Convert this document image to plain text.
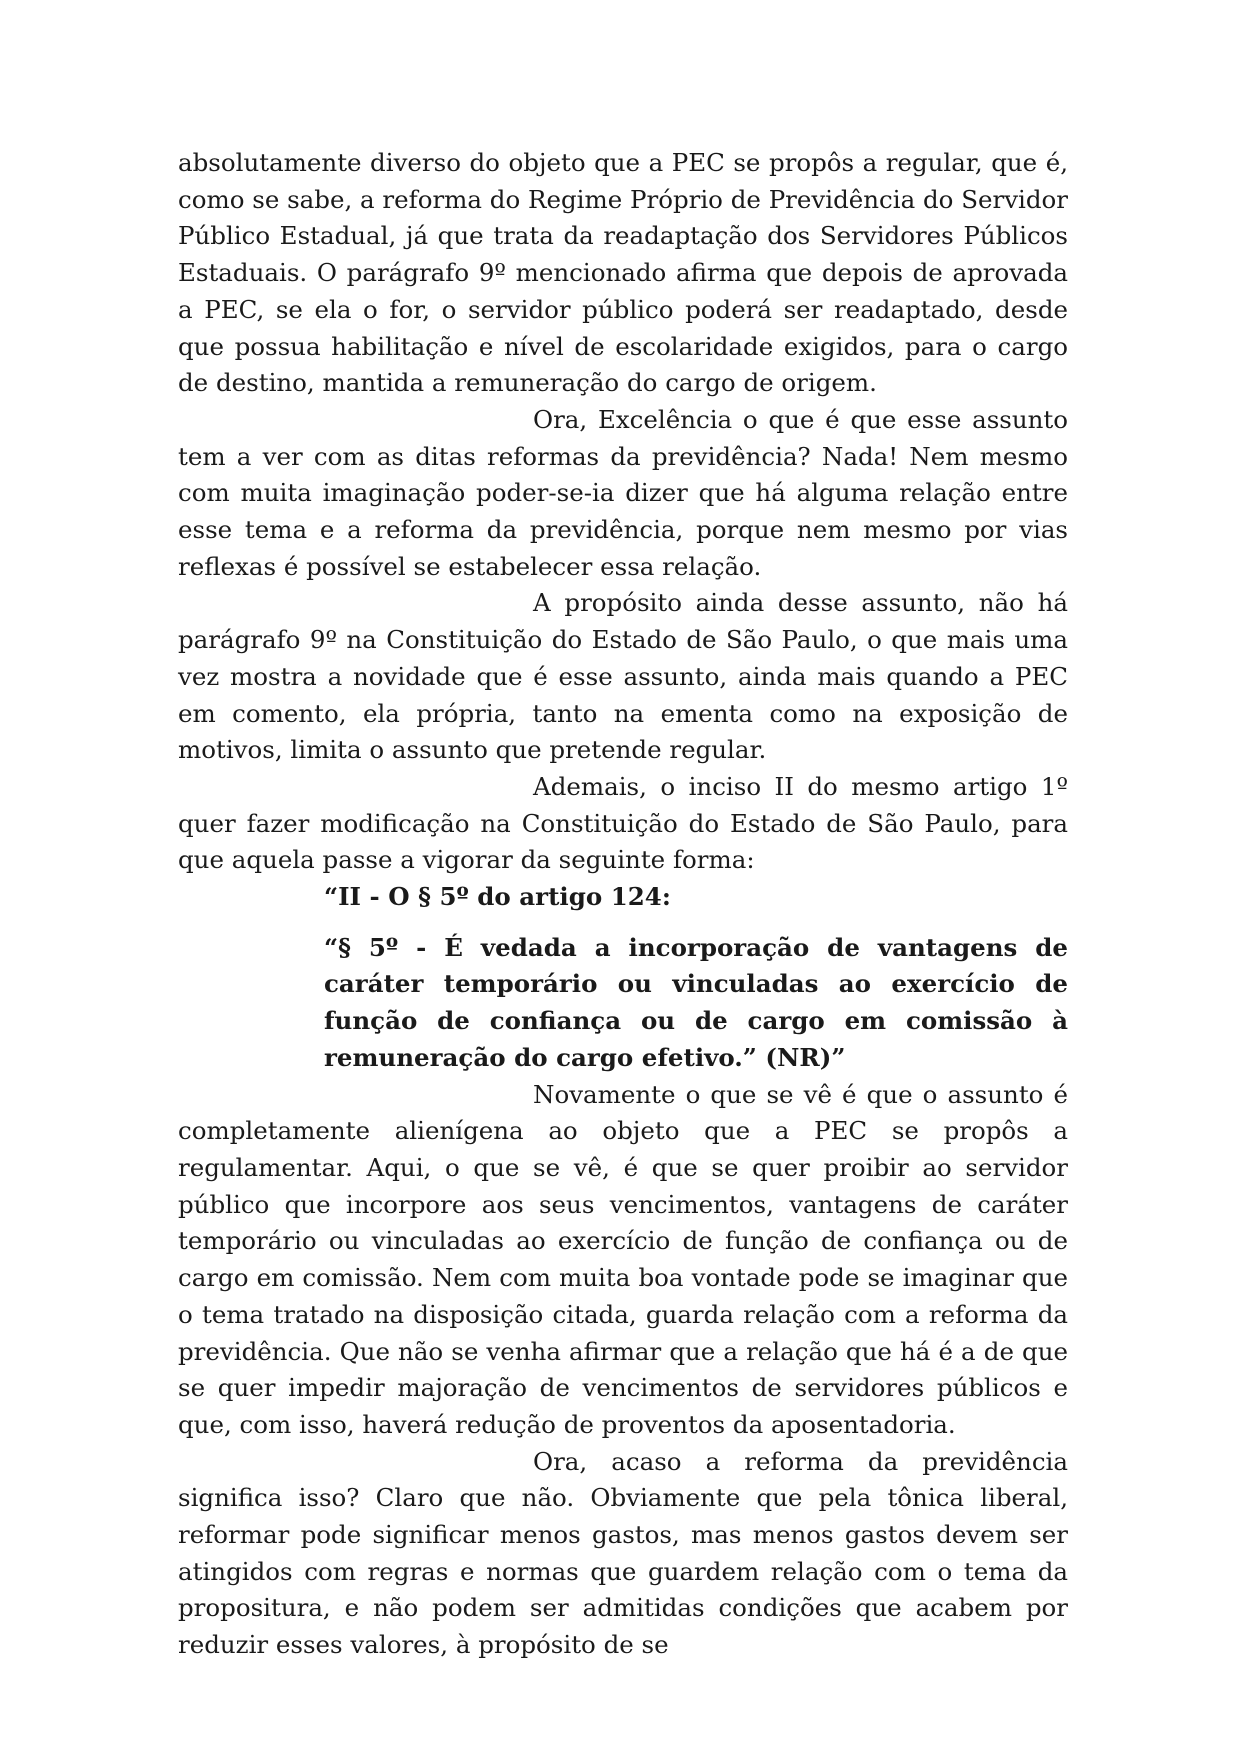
absolutamente diverso do objeto que a PEC se propôs a regular, que é, como se sabe, a reforma do Regime Próprio de Previdência do Servidor Público Estadual, já que trata da readaptação dos Servidores Públicos Estaduais. O parágrafo 9º mencionado afirma que depois de aprovada a PEC, se ela o for, o servidor público poderá ser readaptado, desde que possua habilitação e nível de escolaridade exigidos, para o cargo de destino, mantida a remuneração do cargo de origem.

Ora, Excelência o que é que esse assunto tem a ver com as ditas reformas da previdência? Nada! Nem mesmo com muita imaginação poder-se-ia dizer que há alguma relação entre esse tema e a reforma da previdência, porque nem mesmo por vias reflexas é possível se estabelecer essa relação.

A propósito ainda desse assunto, não há parágrafo 9º na Constituição do Estado de São Paulo, o que mais uma vez mostra a novidade que é esse assunto, ainda mais quando a PEC em comento, ela própria, tanto na ementa como na exposição de motivos, limita o assunto que pretende regular.

Ademais, o inciso II do mesmo artigo 1º quer fazer modificação na Constituição do Estado de São Paulo, para que aquela passe a vigorar da seguinte forma:

“II - O § 5º do artigo 124:

“§ 5º - É vedada a incorporação de vantagens de caráter temporário ou vinculadas ao exercício de função de confiança ou de cargo em comissão à remuneração do cargo efetivo.” (NR)”

Novamente o que se vê é que o assunto é completamente alienígena ao objeto que a PEC se propôs a regulamentar. Aqui, o que se vê, é que se quer proibir ao servidor público que incorpore aos seus vencimentos, vantagens de caráter temporário ou vinculadas ao exercício de função de confiança ou de cargo em comissão. Nem com muita boa vontade pode se imaginar que o tema tratado na disposição citada, guarda relação com a reforma da previdência. Que não se venha afirmar que a relação que há é a de que se quer impedir majoração de vencimentos de servidores públicos e que, com isso, haverá redução de proventos da aposentadoria.

Ora, acaso a reforma da previdência significa isso? Claro que não. Obviamente que pela tônica liberal, reformar pode significar menos gastos, mas menos gastos devem ser atingidos com regras e normas que guardem relação com o tema da propositura, e não podem ser admitidas condições que acabem por reduzir esses valores, à propósito de se
